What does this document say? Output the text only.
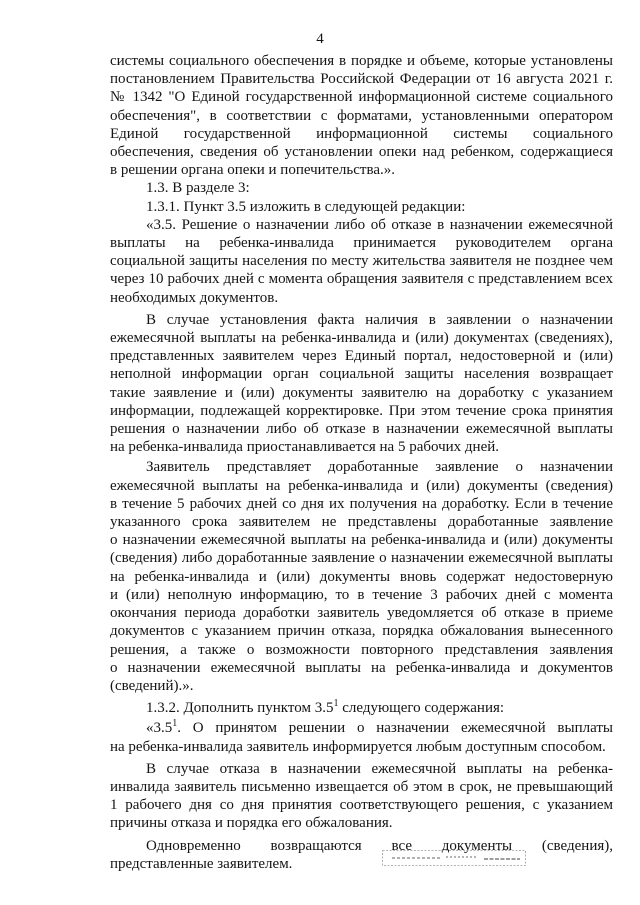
4
системы социального обеспечения в порядке и объеме, которые установлены
постановлением Правительства Российской Федерации от 16 августа 2021 г.
№ 1342 "О Единой государственной информационной системе социального
обеспечения", в соответствии с форматами, установленными оператором
Единой государственной информационной системы социального
обеспечения, сведения об установлении опеки над ребенком, содержащиеся
в решении органа опеки и попечительства.».
1.3. В разделе 3:
1.3.1. Пункт 3.5 изложить в следующей редакции:
«3.5. Решение о назначении либо об отказе в назначении ежемесячной
выплаты на ребенка-инвалида принимается руководителем органа
социальной защиты населения по месту жительства заявителя не позднее чем
через 10 рабочих дней с момента обращения заявителя с представлением всех
необходимых документов.
В случае установления факта наличия в заявлении о назначении
ежемесячной выплаты на ребенка-инвалида и (или) документах (сведениях),
представленных заявителем через Единый портал, недостоверной и (или)
неполной информации орган социальной защиты населения возвращает
такие заявление и (или) документы заявителю на доработку с указанием
информации, подлежащей корректировке. При этом течение срока принятия
решения о назначении либо об отказе в назначении ежемесячной выплаты
на ребенка-инвалида приостанавливается на 5 рабочих дней.
Заявитель представляет доработанные заявление о назначении
ежемесячной выплаты на ребенка-инвалида и (или) документы (сведения)
в течение 5 рабочих дней со дня их получения на доработку. Если в течение
указанного срока заявителем не представлены доработанные заявление
о назначении ежемесячной выплаты на ребенка-инвалида и (или) документы
(сведения) либо доработанные заявление о назначении ежемесячной выплаты
на ребенка-инвалида и (или) документы вновь содержат недостоверную
и (или) неполную информацию, то в течение 3 рабочих дней с момента
окончания периода доработки заявитель уведомляется об отказе в приеме
документов с указанием причин отказа, порядка обжалования вынесенного
решения, а также о возможности повторного представления заявления
о назначении ежемесячной выплаты на ребенка-инвалида и документов
(сведений).».
1.3.2. Дополнить пунктом $3.5^1$ следующего содержания:
«$3.5^1$. О принятом решении о назначении ежемесячной выплаты
на ребенка-инвалида заявитель информируется любым доступным способом.
В случае отказа в назначении ежемесячной выплаты на ребенка-
инвалида заявитель письменно извещается об этом в срок, не превышающий
1 рабочего дня со дня принятия соответствующего решения, с указанием
причины отказа и порядка его обжалования.
Одновременно возвращаются все документы (сведения),
представленные заявителем.
